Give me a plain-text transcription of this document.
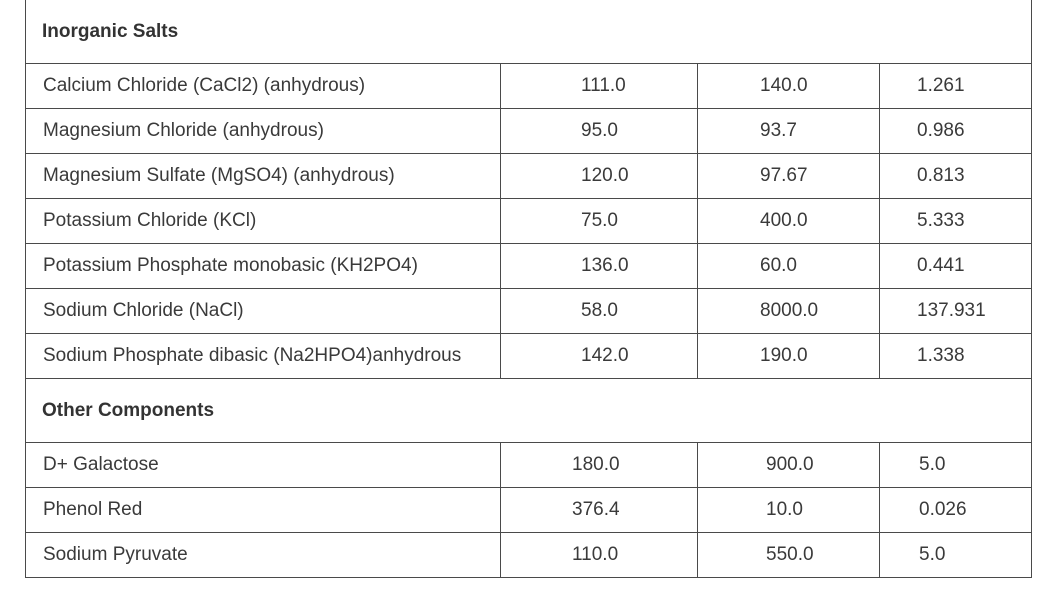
Inorganic Salts			
Calcium Chloride (CaCl2) (anhydrous)	111.0	140.0	1.261
Magnesium Chloride (anhydrous)	95.0	93.7	0.986
Magnesium Sulfate (MgSO4) (anhydrous)	120.0	97.67	0.813
Potassium Chloride (KCl)	75.0	400.0	5.333
Potassium Phosphate monobasic (KH2PO4)	136.0	60.0	0.441
Sodium Chloride (NaCl)	58.0	8000.0	137.931
Sodium Phosphate dibasic (Na2HPO4)anhydrous	142.0	190.0	1.338
Other Components			
D+ Galactose	180.0	900.0	5.0
Phenol Red	376.4	10.0	0.026
Sodium Pyruvate	110.0	550.0	5.0
